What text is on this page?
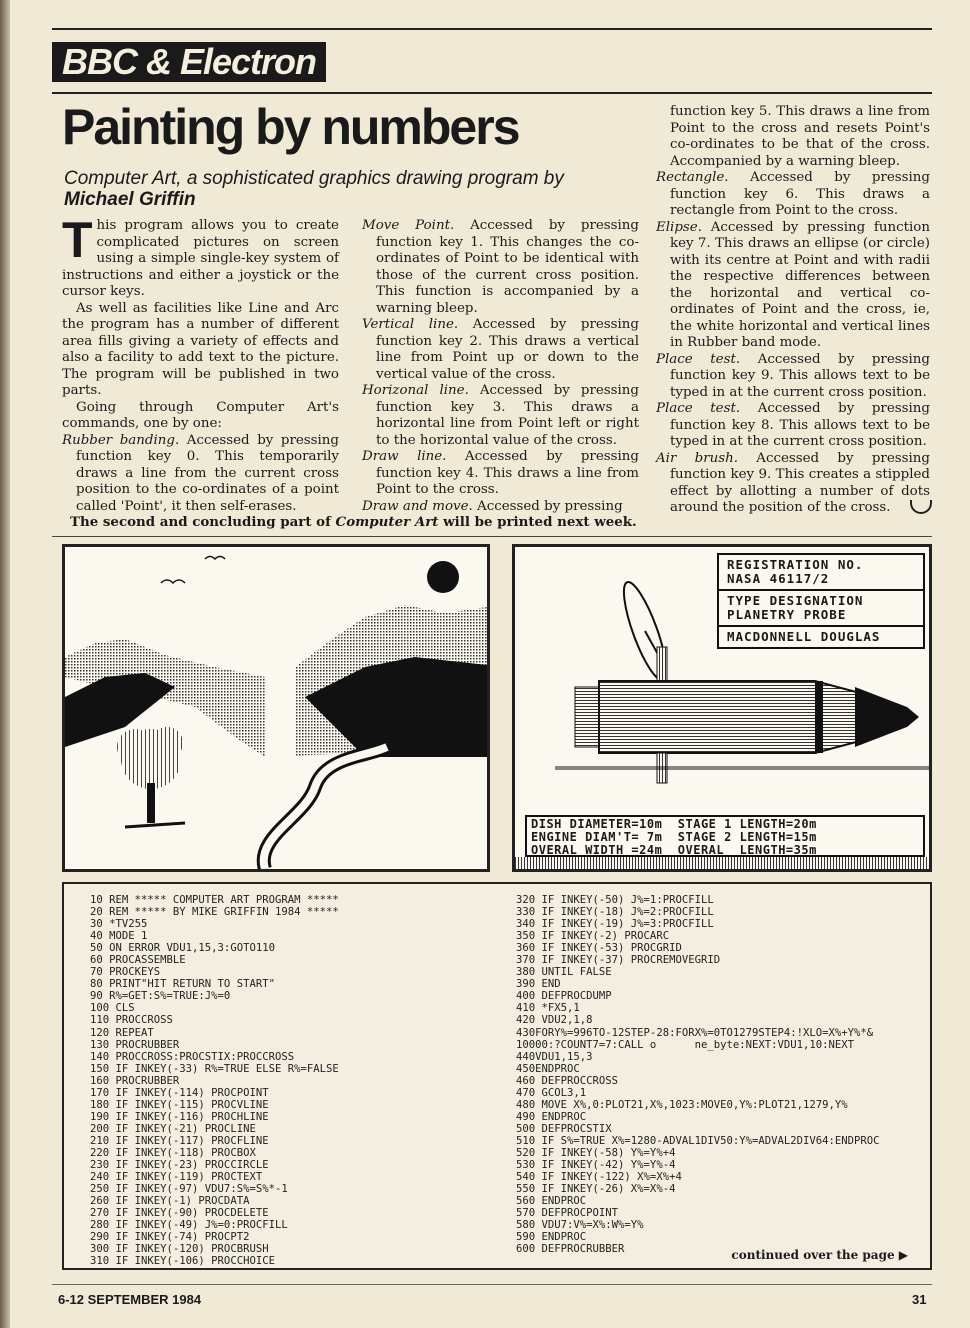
BBC & Electron
Painting by numbers
Computer Art, a sophisticated graphics drawing program by
Michael Griffin
T his program allows you to create complicated pictures on screen using a simple single-key system of instructions and either a joystick or the cursor keys.

As well as facilities like Line and Arc the program has a number of different area fills giving a variety of effects and also a facility to add text to the picture. The program will be published in two parts.

Going through Computer Art's commands, one by one:

Rubber banding. Accessed by pressing function key 0. This temporarily draws a line from the current cross position to the co-ordinates of a point called 'Point', it then self-erases.

Move Point. Accessed by pressing function key 1. This changes the co-ordinates of Point to be identical with those of the current cross position. This function is accompanied by a warning bleep.

Vertical line. Accessed by pressing function key 2. This draws a vertical line from Point up or down to the vertical value of the cross.

Horizonal line. Accessed by pressing function key 3. This draws a horizontal line from Point left or right to the horizontal value of the cross.

Draw line. Accessed by pressing function key 4. This draws a line from Point to the cross.

Draw and move. Accessed by pressing

function key 5. This draws a line from Point to the cross and resets Point's co-ordinates to be that of the cross. Accompanied by a warning bleep.

Rectangle. Accessed by pressing function key 6. This draws a rectangle from Point to the cross.

Elipse. Accessed by pressing function key 7. This draws an ellipse (or circle) with its centre at Point and with radii the respective differences between the horizontal and vertical co-ordinates of Point and the cross, ie, the white horizontal and vertical lines in Rubber band mode.

Place test. Accessed by pressing function key 9. This allows text to be typed in at the current cross position.

Place test. Accessed by pressing function key 8. This allows text to be typed in at the current cross position.

Air brush. Accessed by pressing function key 9. This creates a stippled effect by allotting a number of dots around the position of the cross.

The second and concluding part of Computer Art will be printed next week.
REGISTRATION NO.
NASA 46117/2
TYPE DESIGNATION
PLANETRY PROBE
MACDONNELL DOUGLAS
DISH DIAMETER=10m  STAGE 1 LENGTH=20m
ENGINE DIAM'T= 7m  STAGE 2 LENGTH=15m
OVERAL WIDTH =24m  OVERAL  LENGTH=35m
10 REM ***** COMPUTER ART PROGRAM *****
20 REM ***** BY MIKE GRIFFIN 1984 *****
30 *TV255
40 MODE 1
50 ON ERROR VDU1,15,3:GOTO110
60 PROCASSEMBLE
70 PROCKEYS
80 PRINT"HIT RETURN TO START"
90 R%=GET:S%=TRUE:J%=0
100 CLS
110 PROCCROSS
120 REPEAT
130 PROCRUBBER
140 PROCCROSS:PROCSTIX:PROCCROSS
150 IF INKEY(-33) R%=TRUE ELSE R%=FALSE
160 PROCRUBBER
170 IF INKEY(-114) PROCPOINT
180 IF INKEY(-115) PROCVLINE
190 IF INKEY(-116) PROCHLINE
200 IF INKEY(-21) PROCLINE
210 IF INKEY(-117) PROCFLINE
220 IF INKEY(-118) PROCBOX
230 IF INKEY(-23) PROCCIRCLE
240 IF INKEY(-119) PROCTEXT
250 IF INKEY(-97) VDU7:S%=S%*-1
260 IF INKEY(-1) PROCDATA
270 IF INKEY(-90) PROCDELETE
280 IF INKEY(-49) J%=0:PROCFILL
290 IF INKEY(-74) PROCPT2
300 IF INKEY(-120) PROCBRUSH
310 IF INKEY(-106) PROCCHOICE
320 IF INKEY(-50) J%=1:PROCFILL
330 IF INKEY(-18) J%=2:PROCFILL
340 IF INKEY(-19) J%=3:PROCFILL
350 IF INKEY(-2) PROCARC
360 IF INKEY(-53) PROCGRID
370 IF INKEY(-37) PROCREMOVEGRID
380 UNTIL FALSE
390 END
400 DEFPROCDUMP
410 *FX5,1
420 VDU2,1,8
430FORY%=996TO-12STEP-28:FORX%=0TO1279STEP4:!XLO=X%+Y%*&
10000:?COUNT7=7:CALL o      ne_byte:NEXT:VDU1,10:NEXT
440VDU1,15,3
450ENDPROC
460 DEFPROCCROSS
470 GCOL3,1
480 MOVE X%,0:PLOT21,X%,1023:MOVE0,Y%:PLOT21,1279,Y%
490 ENDPROC
500 DEFPROCSTIX
510 IF S%=TRUE X%=1280-ADVAL1DIV50:Y%=ADVAL2DIV64:ENDPROC
520 IF INKEY(-58) Y%=Y%+4
530 IF INKEY(-42) Y%=Y%-4
540 IF INKEY(-122) X%=X%+4
550 IF INKEY(-26) X%=X%-4
560 ENDPROC
570 DEFPROCPOINT
580 VDU7:V%=X%:W%=Y%
590 ENDPROC
600 DEFPROCRUBBER	continued over the page ▶
6-12 SEPTEMBER 1984	31
